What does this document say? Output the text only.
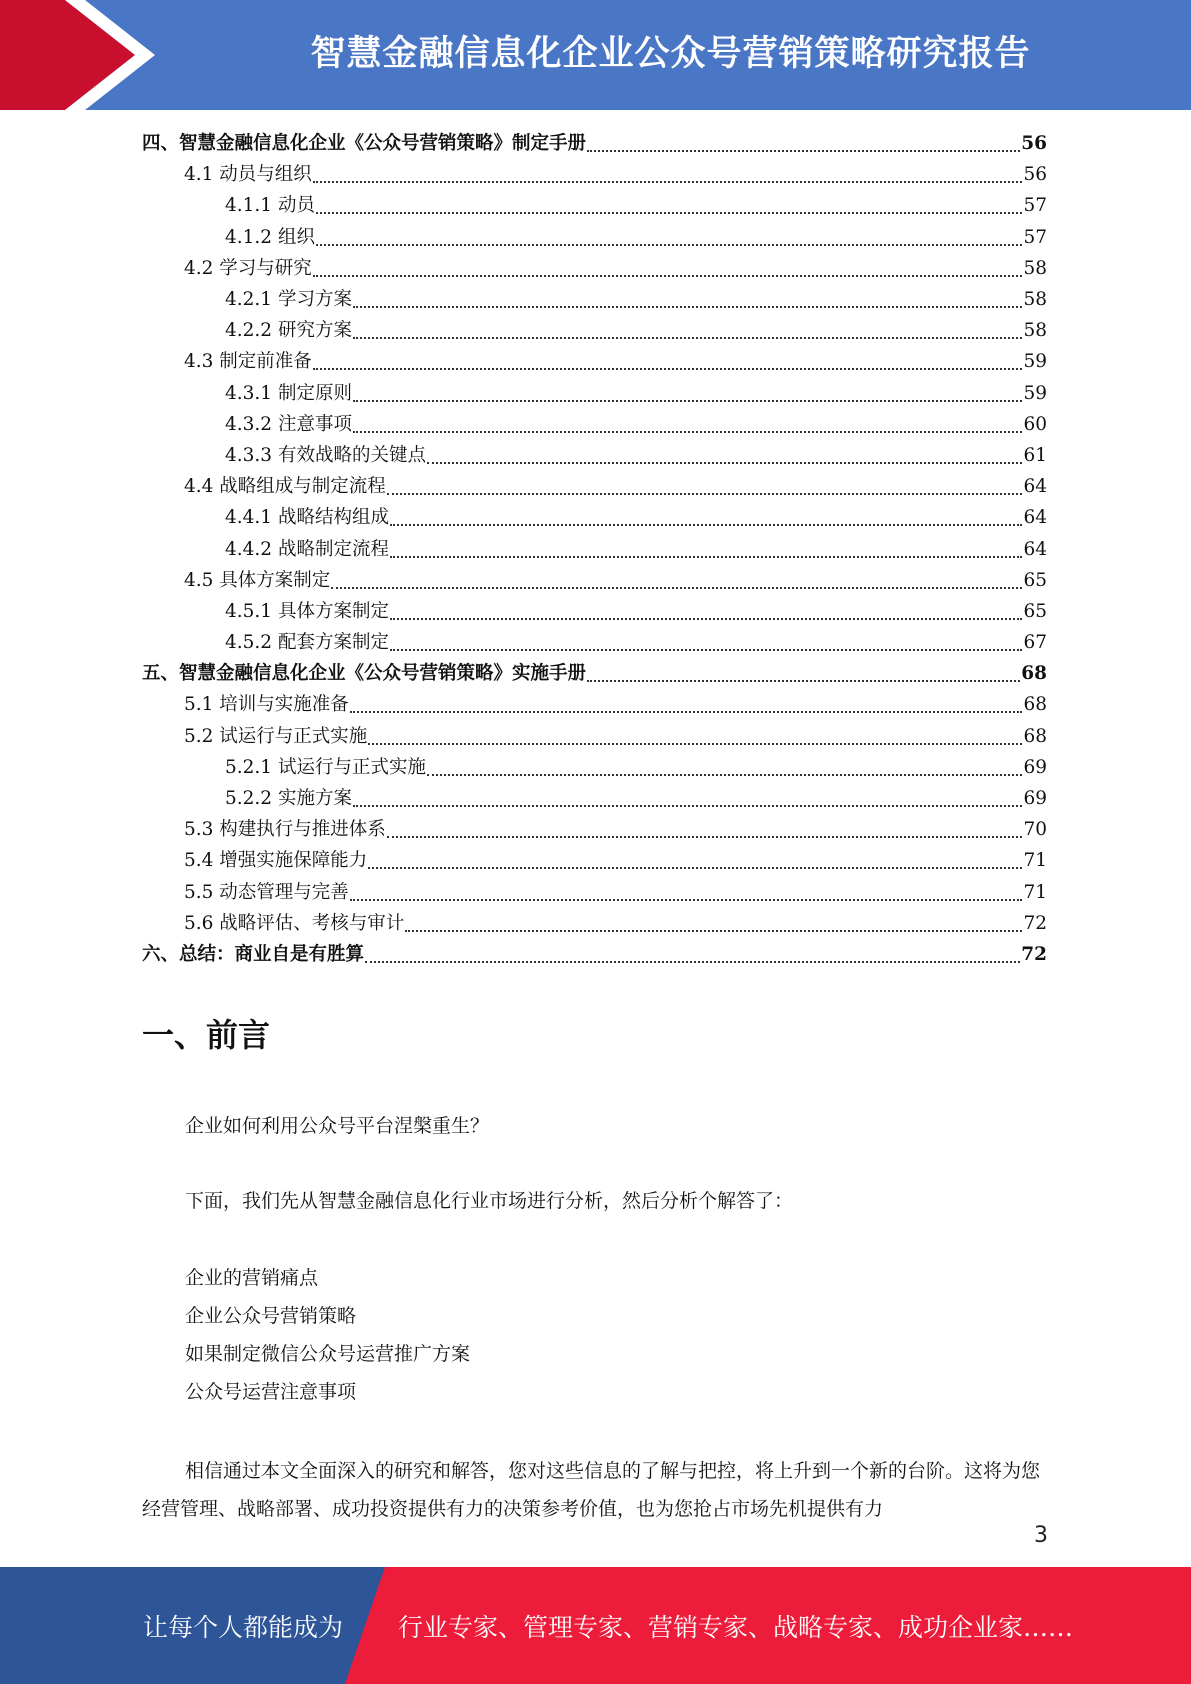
智慧金融信息化企业公众号营销策略研究报告
四、智慧金融信息化企业《公众号营销策略》制定手册	56
4.1 动员与组织	56
4.1.1 动员	57
4.1.2 组织	57
4.2 学习与研究	58
4.2.1 学习方案	58
4.2.2 研究方案	58
4.3 制定前准备	59
4.3.1 制定原则	59
4.3.2 注意事项	60
4.3.3 有效战略的关键点	61
4.4 战略组成与制定流程	64
4.4.1 战略结构组成	64
4.4.2 战略制定流程	64
4.5 具体方案制定	65
4.5.1 具体方案制定	65
4.5.2 配套方案制定	67
五、智慧金融信息化企业《公众号营销策略》实施手册	68
5.1 培训与实施准备	68
5.2 试运行与正式实施	68
5.2.1 试运行与正式实施	69
5.2.2 实施方案	69
5.3 构建执行与推进体系	70
5.4 增强实施保障能力	71
5.5 动态管理与完善	71
5.6 战略评估、考核与审计	72
六、总结：商业自是有胜算	72
一、前言
企业如何利用公众号平台涅槃重生？
下面，我们先从智慧金融信息化行业市场进行分析，然后分析个解答了：
企业的营销痛点
企业公众号营销策略
如果制定微信公众号运营推广方案
公众号运营注意事项
相信通过本文全面深入的研究和解答，您对这些信息的了解与把控，将上升到一个新的台阶。这将为您经营管理、战略部署、成功投资提供有力的决策参考价值，也为您抢占市场先机提供有力
3
让每个人都能成为 行业专家、管理专家、营销专家、战略专家、成功企业家……
